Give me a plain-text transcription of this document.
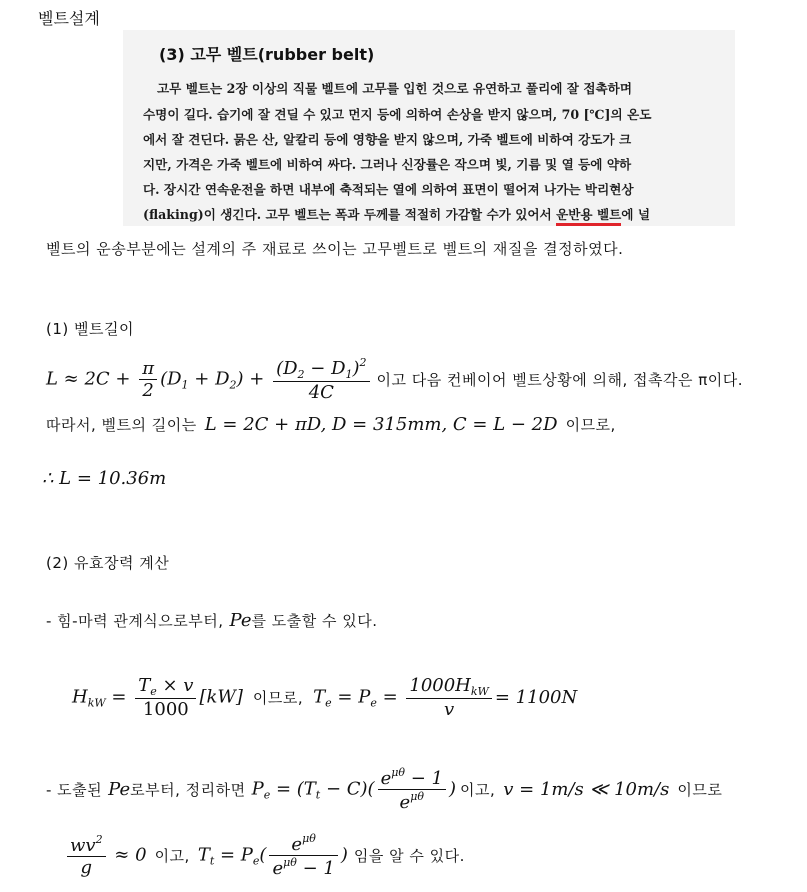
벨트설계
(3) 고무 벨트(rubber belt)
고무 벨트는 2장 이상의 직물 벨트에 고무를 입힌 것으로 유연하고 풀리에 잘 접촉하며
수명이 길다. 습기에 잘 견딜 수 있고 먼지 등에 의하여 손상을 받지 않으며, 70 [℃]의 온도
에서 잘 견딘다. 묽은 산, 알칼리 등에 영향을 받지 않으며, 가죽 벨트에 비하여 강도가 크
지만, 가격은 가죽 벨트에 비하여 싸다. 그러나 신장률은 작으며 빛, 기름 및 열 등에 약하
다. 장시간 연속운전을 하면 내부에 축적되는 열에 의하여 표면이 떨어져 나가는 박리현상
(flaking)이 생긴다. 고무 벨트는 폭과 두께를 적절히 가감할 수가 있어서 운반용 벨트에 널
벨트의 운송부분에는 설계의 주 재료로 쓰이는 고무벨트로 벨트의 재질을 결정하였다.
(1) 벨트길이
$L \approx 2C + \frac{\pi}{2} (D_1 + D_2) + \frac{(D_2 - D_1)^2}{4C}$ 이고 다음 컨베이어 벨트상황에 의해, 접촉각은 π이다.
따라서, 벨트의 길이는 L = 2C + πD, D = 315mm, C = L − 2D 이므로,
∴ L = 10.36m
(2) 유효장력 계산
- 힘-마력 관계식으로부터, Pe 를 도출할 수 있다.
$H_{kW} = \frac{T_e \times v}{1000} [kW]$ 이므로, $T_e = P_e = \frac{1000H_{kW}}{v} = 1100N$
- 도출된 Pe 로부터, 정리하면 $P_e = (T_t - C)( \frac{e^{\mu\theta} - 1}{e^{\mu\theta}}$ ) 이고, v = 1m/s ≪ 10m/s 이므로
$\frac{wv^2}{g} \approx 0$ 이고, $T_t = P_e( \frac{e^{\mu\theta}}{e^{\mu\theta} - 1}$ ) 임을 알 수 있다.
